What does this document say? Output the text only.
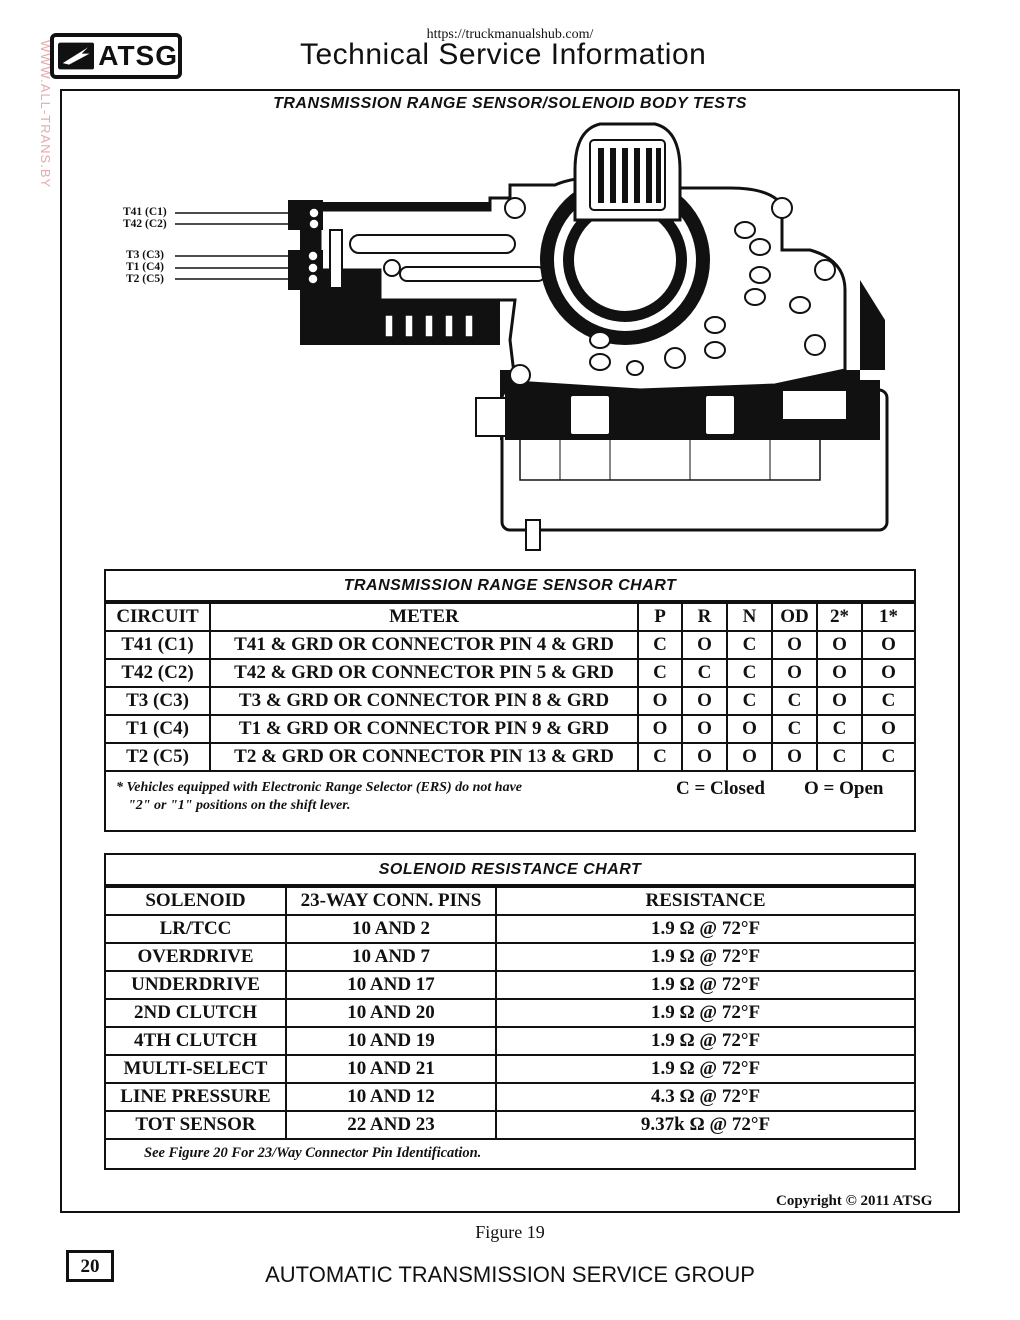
https://truckmanualshub.com/
ATSG	Technical Service Information
WWW.ALL-TRANS.BY	TRANSMISSION RANGE SENSOR/SOLENOID BODY TESTS
T41 (C1)
T42 (C2)
T3 (C3)
T1 (C4)
T2 (C5)
TRANSMISSION RANGE SENSOR CHART
CIRCUIT	METER	P	R	N	OD	2*	1*
T41 (C1)	T41 & GRD OR CONNECTOR PIN 4 & GRD	C	O	C	O	O	O
T42 (C2)	T42 & GRD OR CONNECTOR PIN 5 & GRD	C	C	C	O	O	O
T3 (C3)	T3 & GRD OR CONNECTOR PIN 8 & GRD	O	O	C	C	O	C
T1 (C4)	T1 & GRD OR CONNECTOR PIN 9 & GRD	O	O	O	C	C	O
T2 (C5)	T2 & GRD OR CONNECTOR PIN 13 & GRD	C	O	O	O	C	C
* Vehicles equipped with Electronic Range Selector (ERS) do not have
"2" or "1" positions on the shift lever.
C = Closed O = Open
SOLENOID RESISTANCE CHART
SOLENOID	23-WAY CONN. PINS	RESISTANCE
LR/TCC	10 AND 2	1.9 Ω @ 72°F
OVERDRIVE	10 AND 7	1.9 Ω @ 72°F
UNDERDRIVE	10 AND 17	1.9 Ω @ 72°F
2ND CLUTCH	10 AND 20	1.9 Ω @ 72°F
4TH CLUTCH	10 AND 19	1.9 Ω @ 72°F
MULTI-SELECT	10 AND 21	1.9 Ω @ 72°F
LINE PRESSURE	10 AND 12	4.3 Ω @ 72°F
TOT SENSOR	22 AND 23	9.37k Ω @ 72°F
See Figure 20 For 23/Way Connector Pin Identification.
Copyright © 2011 ATSG
Figure 19
20	AUTOMATIC TRANSMISSION SERVICE GROUP
